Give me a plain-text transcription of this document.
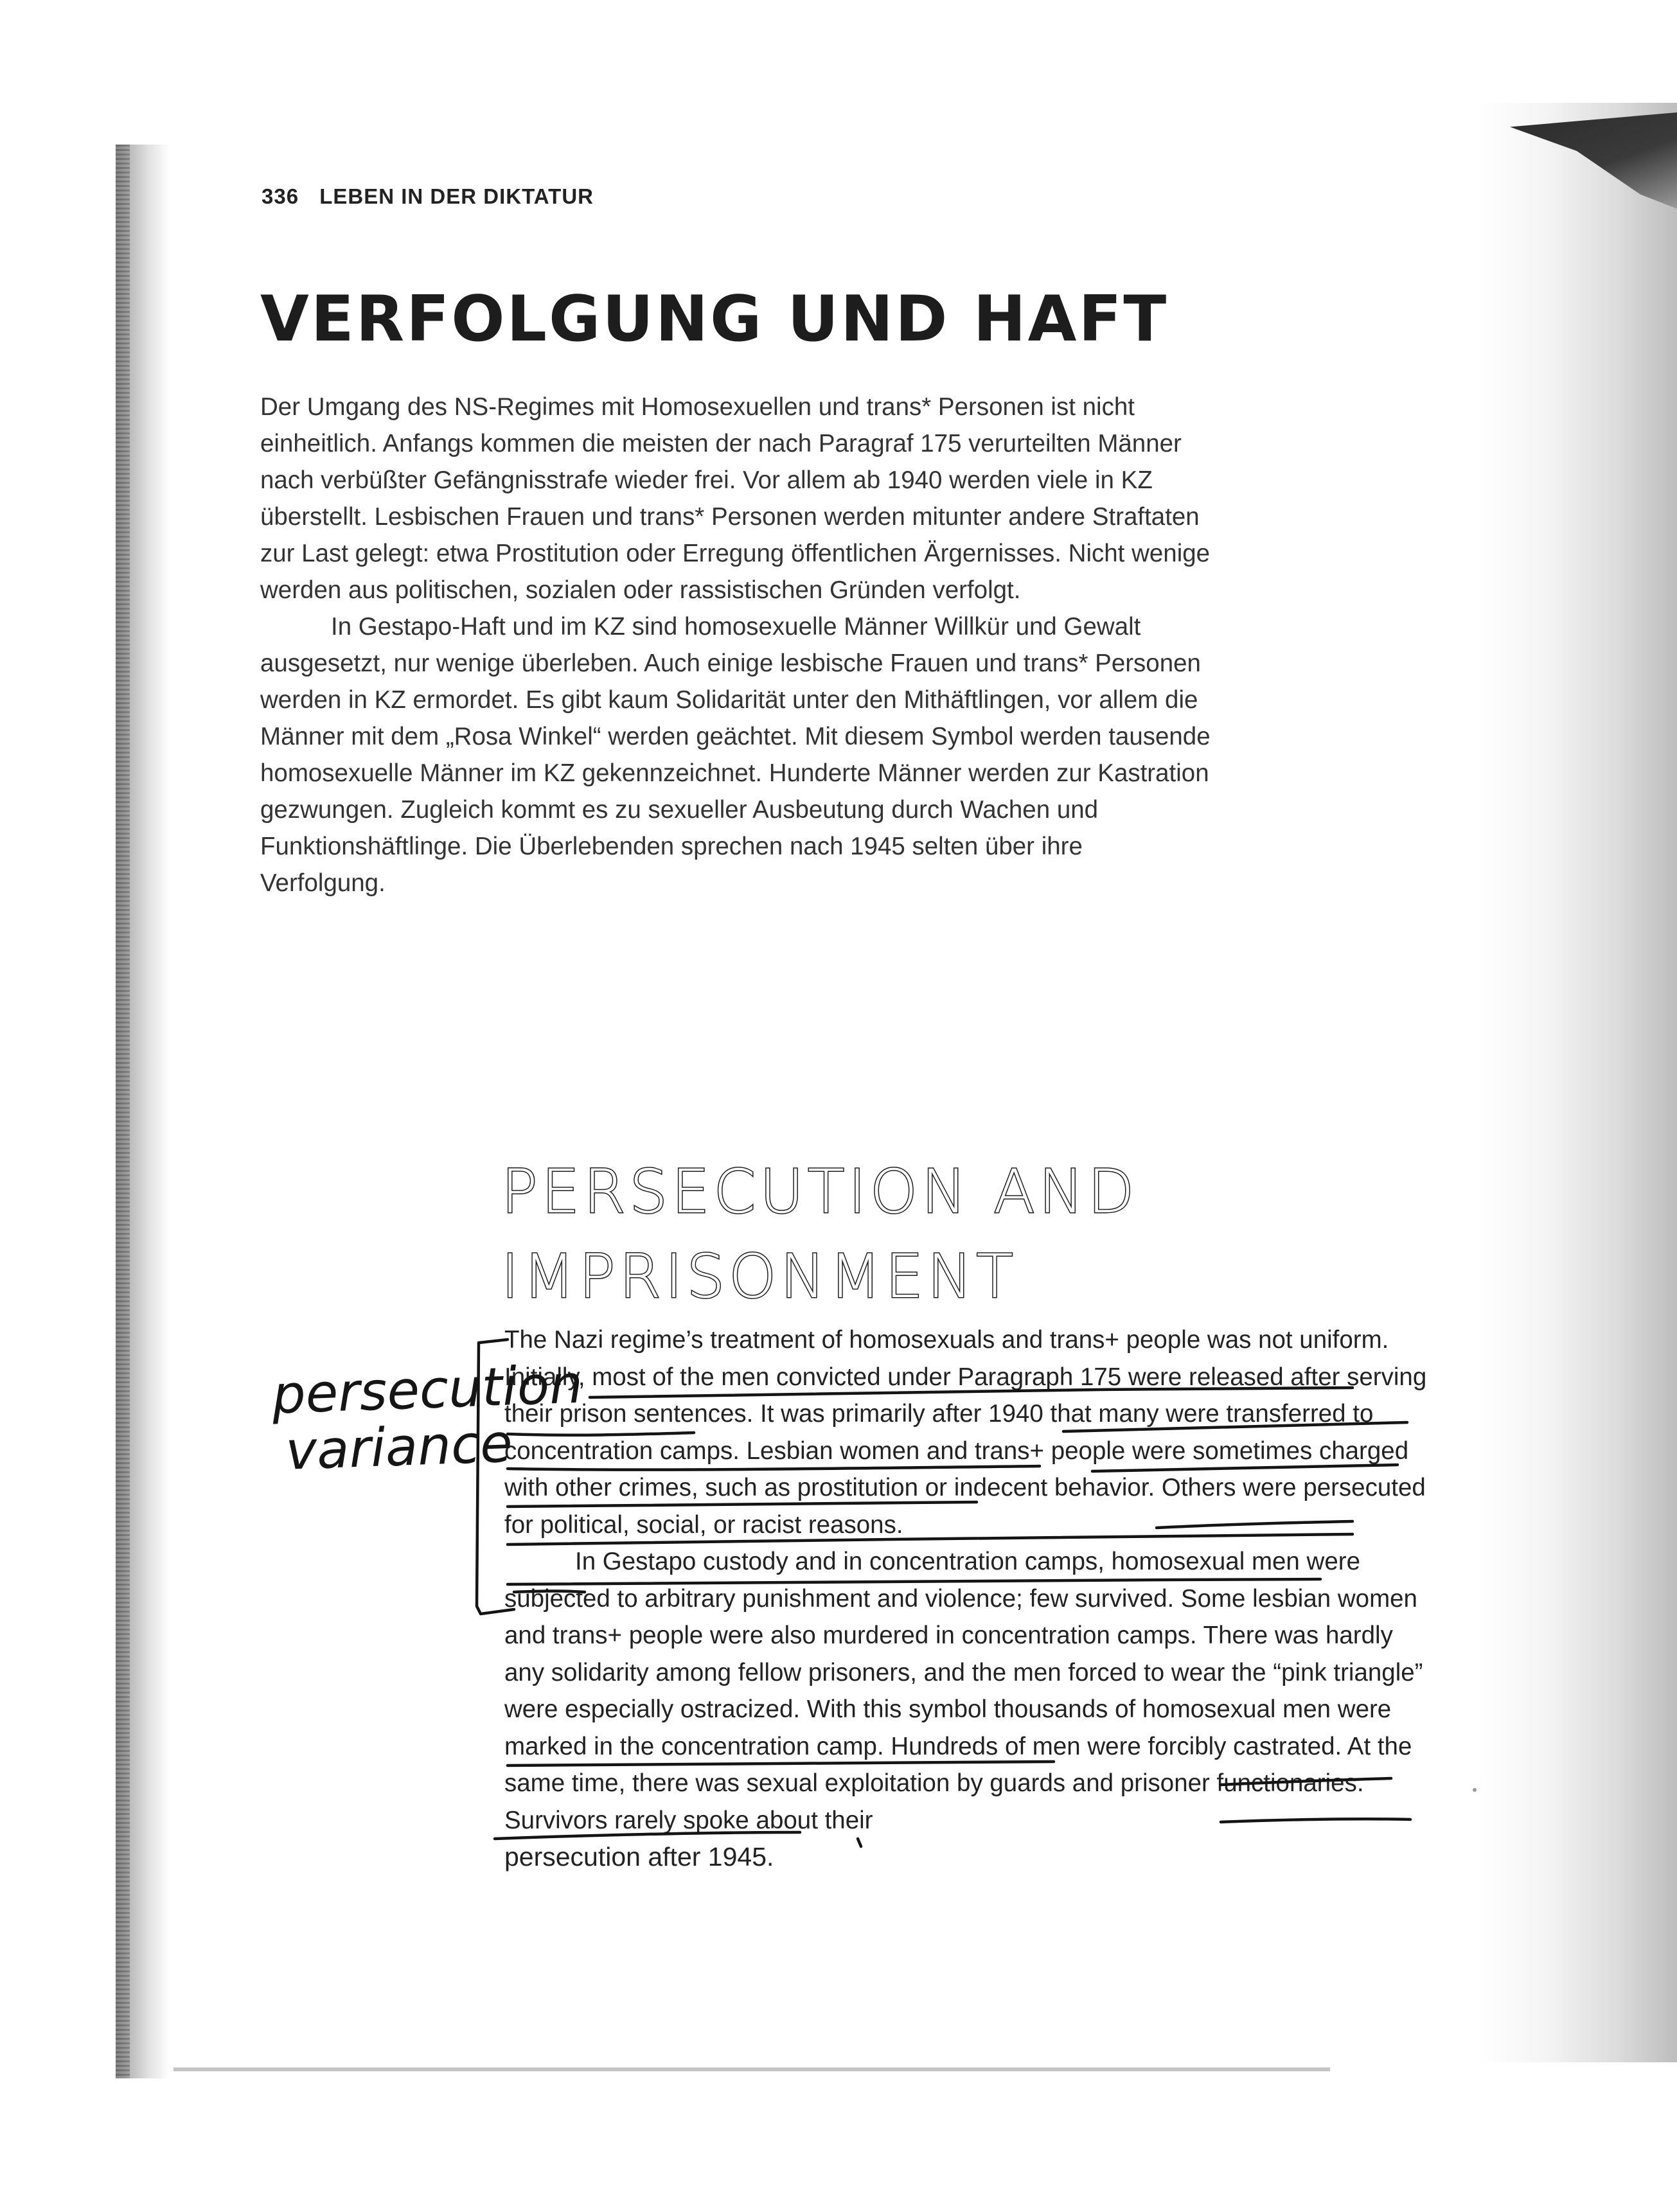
336 LEBEN IN DER DIKTATUR
VERFOLGUNG UND HAFT

Der Umgang des NS-Regimes mit Homosexuellen und trans* Personen ist nicht einheitlich. Anfangs kommen die meisten der nach Paragraf 175 verurteilten Männer nach verbüßter Gefängnisstrafe wieder frei. Vor allem ab 1940 werden viele in KZ überstellt. Lesbischen Frauen und trans* Personen werden mitunter andere Straftaten zur Last gelegt: etwa Prostitution oder Erregung öffentlichen Ärgernisses. Nicht wenige werden aus politischen, sozialen oder rassistischen Gründen verfolgt.

In Gestapo-Haft und im KZ sind homosexuelle Männer Willkür und Gewalt ausgesetzt, nur wenige überleben. Auch einige lesbische Frauen und trans* Personen werden in KZ ermordet. Es gibt kaum Solidarität unter den Mithäftlingen, vor allem die Männer mit dem „Rosa Winkel“ werden geächtet. Mit diesem Symbol werden tausende homosexuelle Männer im KZ gekennzeichnet. Hunderte Männer werden zur Kastration gezwungen. Zugleich kommt es zu sexueller Ausbeutung durch Wachen und Funktionshäftlinge. Die Überlebenden sprechen nach 1945 selten über ihre Verfolgung.

PERSECUTION AND
IMPRISONMENT

The Nazi regime’s treatment of homosexuals and trans+ people was not uniform. Initially, most of the men convicted under Paragraph 175 were released after serving their prison sentences. It was primarily after 1940 that many were transferred to concentration camps. Lesbian women and trans+ people were sometimes charged with other crimes, such as prostitution or indecent behavior. Others were persecuted for political, social, or racist reasons.

In Gestapo custody and in concentration camps, homosexual men were subjected to arbitrary punishment and violence; few survived. Some lesbian women and trans+ people were also murdered in concentration camps. There was hardly any solidarity among fellow prisoners, and the men forced to wear the “pink triangle” were especially ostracized. With this symbol thousands of homosexual men were marked in the concentration camp. Hundreds of men were forcibly castrated. At the same time, there was sexual exploitation by guards and prisoner functionaries. Survivors rarely spoke about their

persecution after 1945.

persecution
variance
